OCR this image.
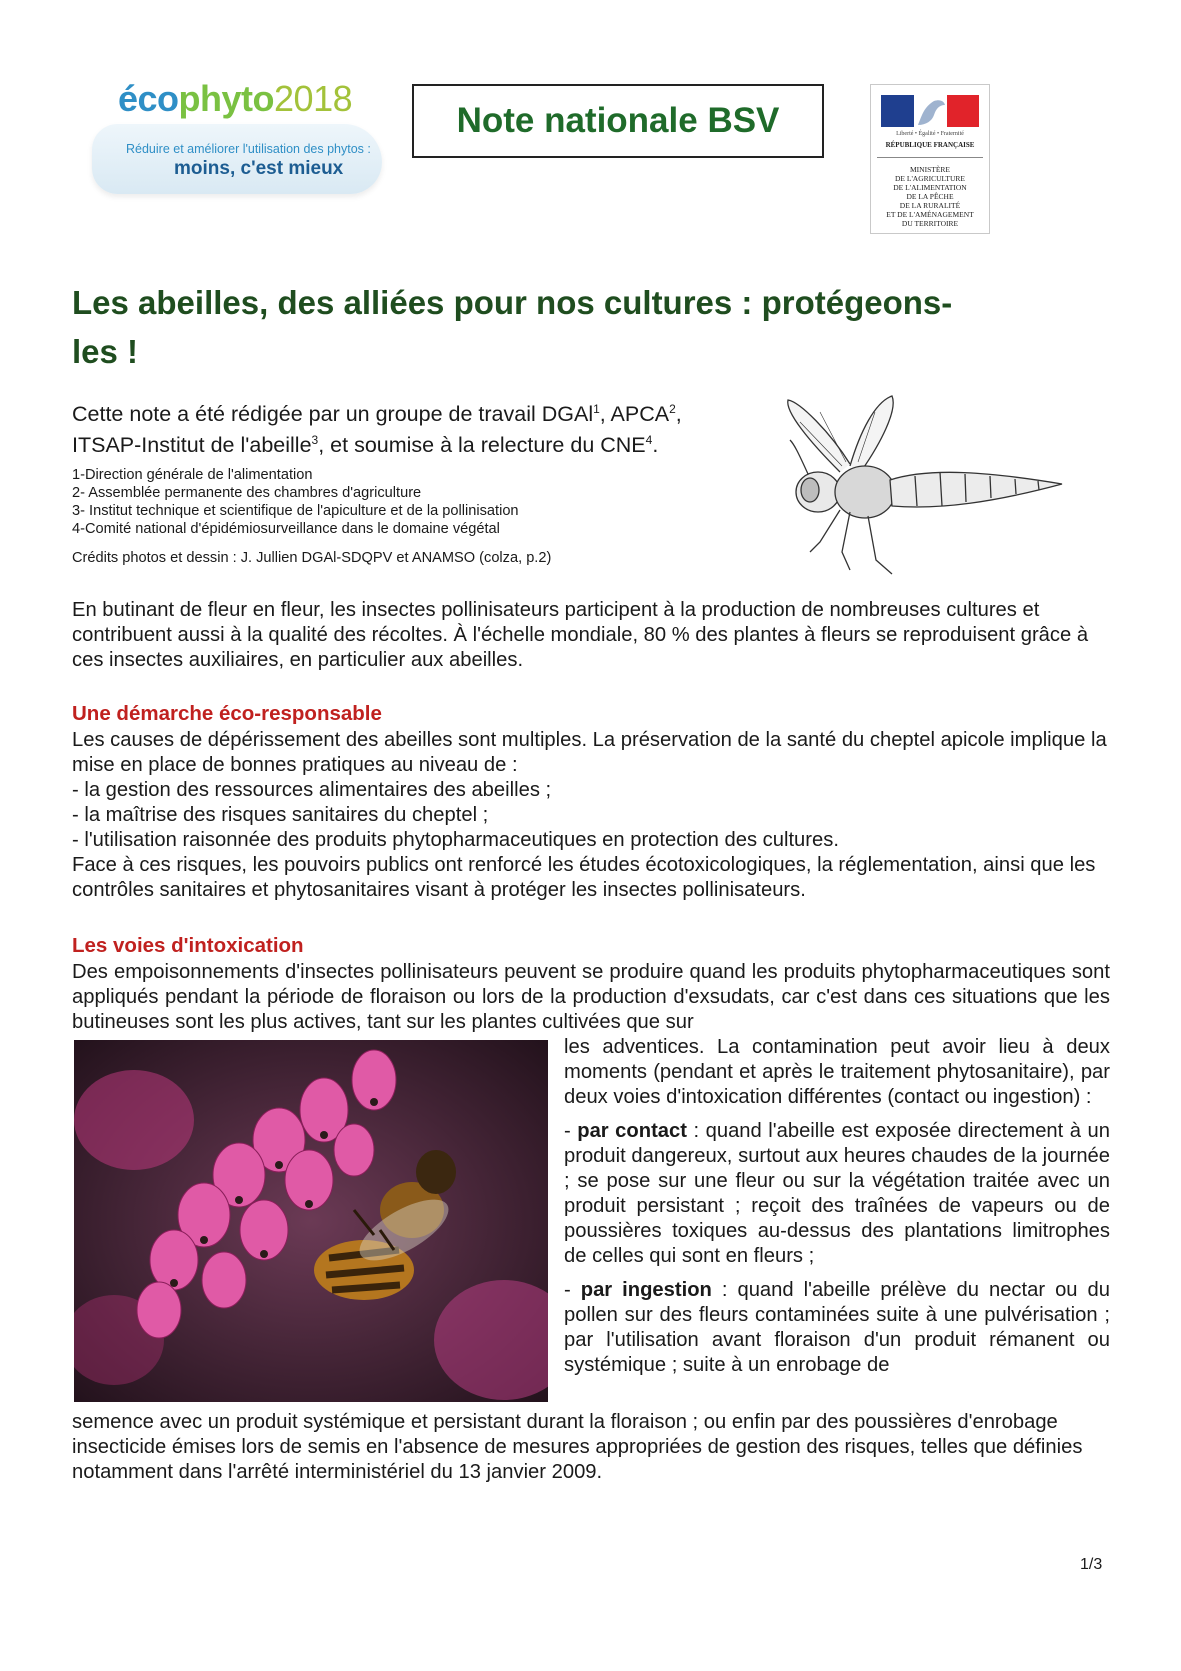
écophyto2018
Réduire et améliorer l'utilisation des phytos :
moins, c'est mieux
Note nationale BSV	Liberté • Égalité • Fraternité
RÉPUBLIQUE FRANÇAISE
MINISTÈRE
DE L'AGRICULTURE
DE L'ALIMENTATION
DE LA PÊCHE
DE LA RURALITÉ
ET DE L'AMÉNAGEMENT
DU TERRITOIRE
Les abeilles, des alliées pour nos cultures : protégeons-les !
Cette note a été rédigée par un groupe de travail DGAl$^1$, APCA$^2$,
ITSAP-Institut de l'abeille$^3$, et soumise à la relecture du CNE$^4$.
1-Direction générale de l'alimentation
2- Assemblée permanente des chambres d'agriculture
3- Institut technique et scientifique de l'apiculture et de la pollinisation
4-Comité national d'épidémiosurveillance dans le domaine végétal
Crédits photos et dessin : J. Jullien DGAl-SDQPV et ANAMSO (colza, p.2)

En butinant de fleur en fleur, les insectes pollinisateurs participent à la production de nombreuses cultures et contribuent aussi à la qualité des récoltes. À l'échelle mondiale, 80 % des plantes à fleurs se reproduisent grâce à ces insectes auxiliaires, en particulier aux abeilles.

Une démarche éco-responsable
Les causes de dépérissement des abeilles sont multiples. La préservation de la santé du cheptel apicole implique la mise en place de bonnes pratiques au niveau de :
- la gestion des ressources alimentaires des abeilles ;
- la maîtrise des risques sanitaires du cheptel ;
- l'utilisation raisonnée des produits phytopharmaceutiques en protection des cultures.
Face à ces risques, les pouvoirs publics ont renforcé les études écotoxicologiques, la réglementation, ainsi que les contrôles sanitaires et phytosanitaires visant à protéger les insectes pollinisateurs.
Les voies d'intoxication

Des empoisonnements d'insectes pollinisateurs peuvent se produire quand les produits phytopharmaceutiques sont appliqués pendant la période de floraison ou lors de la production d'exsudats, car c'est dans ces situations que les butineuses sont les plus actives, tant sur les plantes cultivées que sur

les adventices. La contamination peut avoir lieu à deux moments (pendant et après le traitement phytosanitaire), par deux voies d'intoxication différentes (contact ou ingestion) :

- par contact : quand l'abeille est exposée directement à un produit dangereux, surtout aux heures chaudes de la journée ; se pose sur une fleur ou sur la végétation traitée avec un produit persistant ; reçoit des traînées de vapeurs ou de poussières toxiques au-dessus des plantations limitrophes de celles qui sont en fleurs ;

- par ingestion : quand l'abeille prélève du nectar ou du pollen sur des fleurs contaminées suite à une pulvérisation ; par l'utilisation avant floraison d'un produit rémanent ou systémique ; suite à un enrobage de

semence avec un produit systémique et persistant durant la floraison ; ou enfin par des poussières d'enrobage insecticide émises lors de semis en l'absence de mesures appropriées de gestion des risques, telles que définies notamment dans l'arrêté interministériel du 13 janvier 2009.

1/3
